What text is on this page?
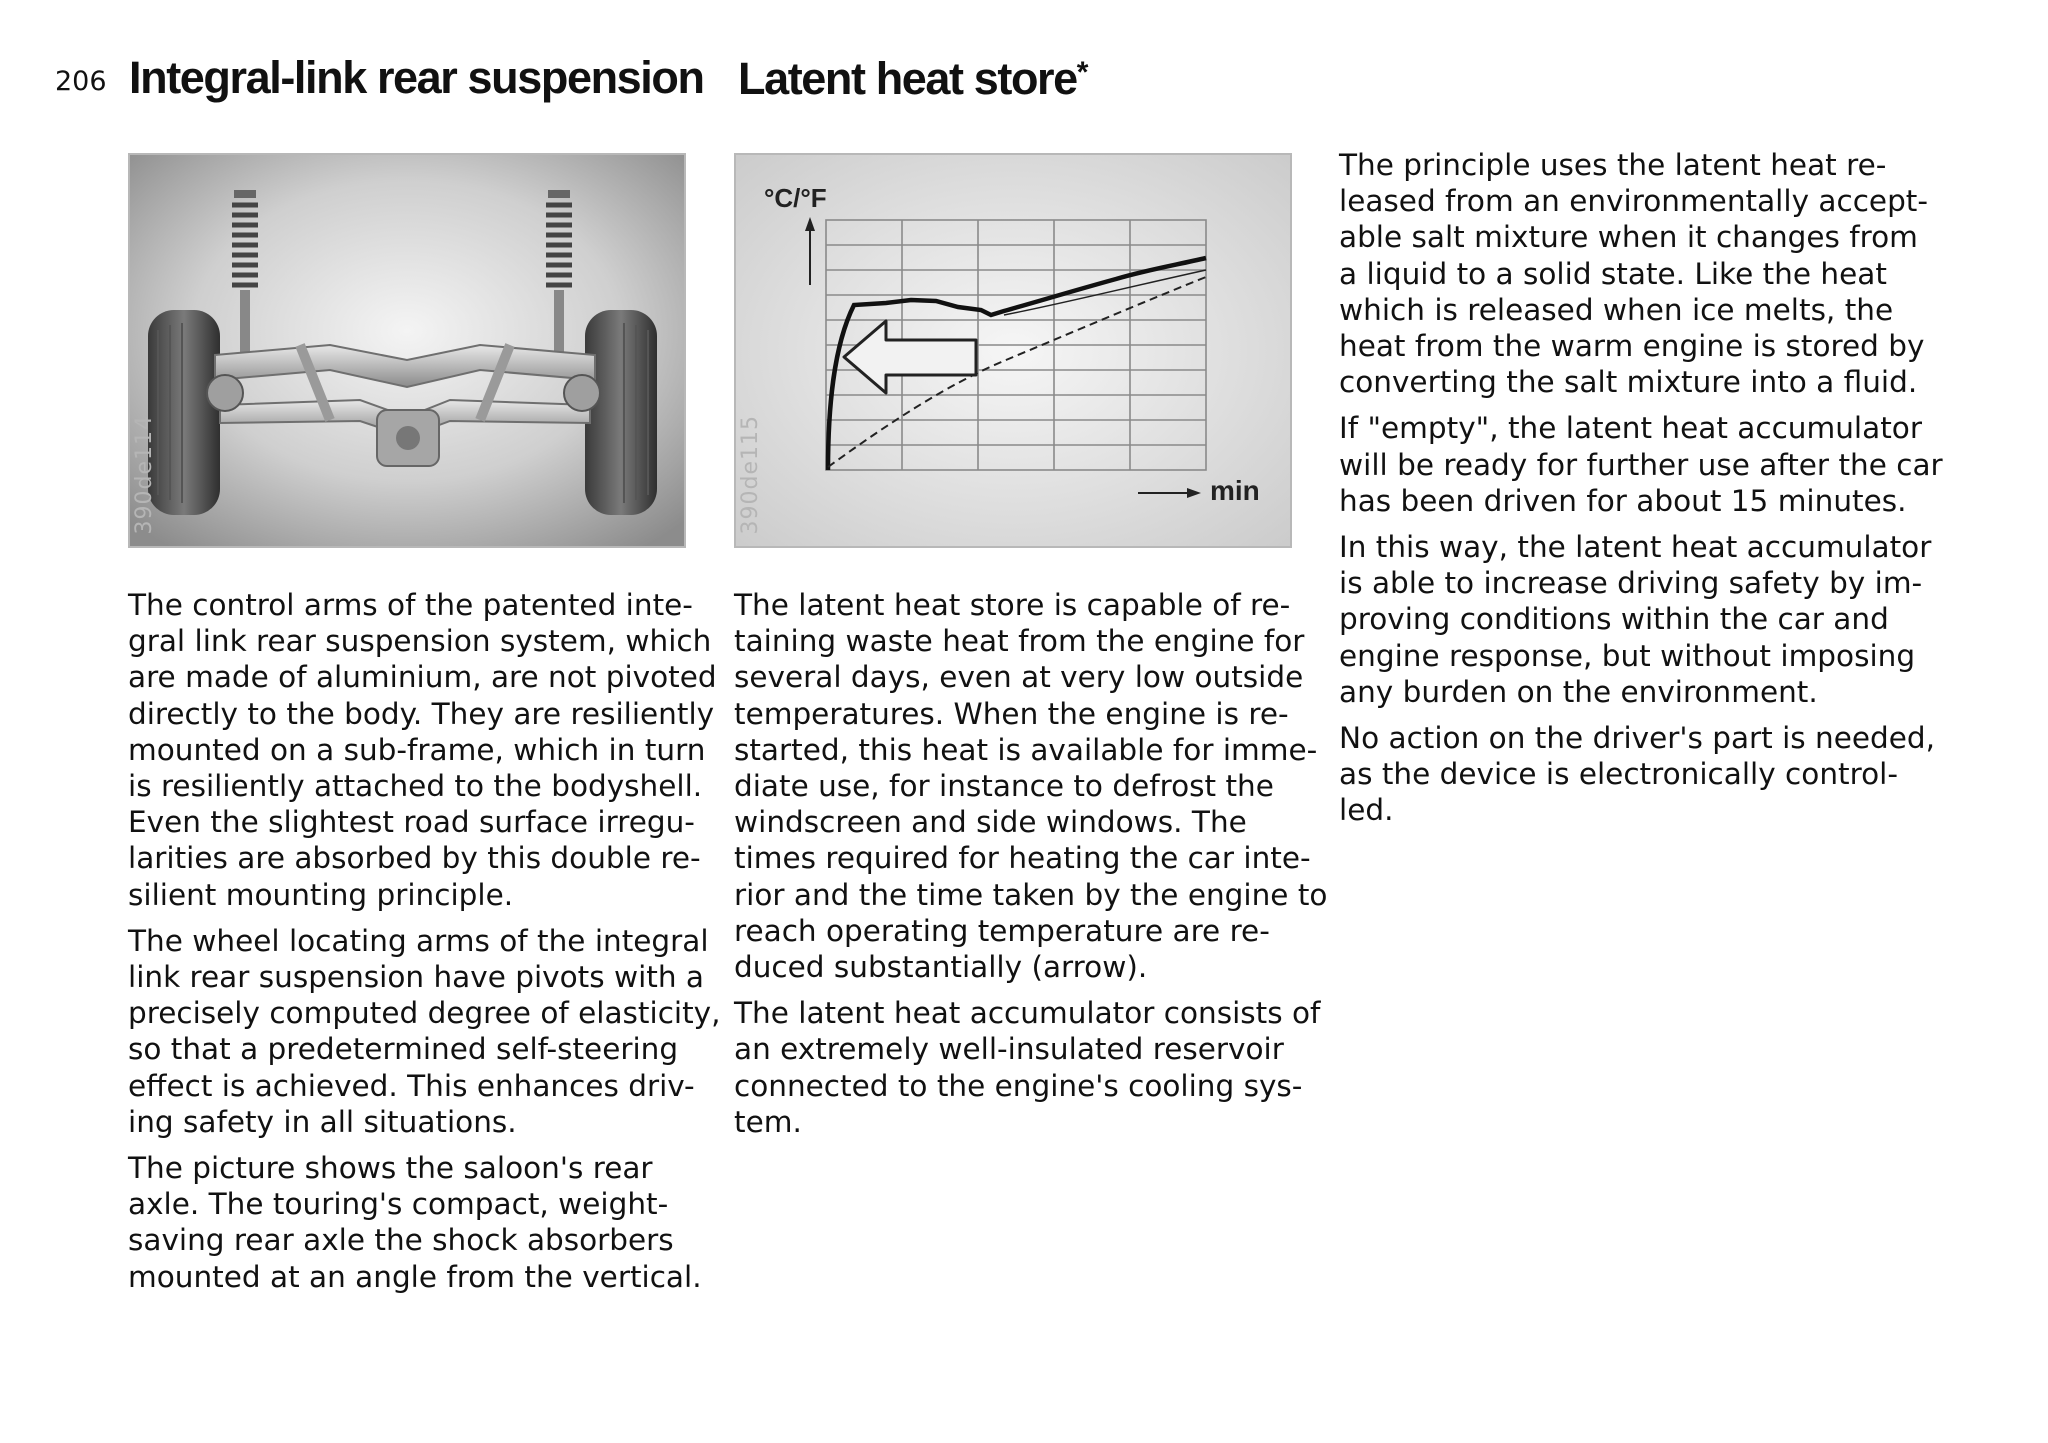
206 Integral-link rear suspension Latent heat store*
390de114
°C/°F
min
390de115

The control arms of the patented inte-
gral link rear suspension system, which
are made of aluminium, are not pivoted
directly to the body. They are resiliently
mounted on a sub-frame, which in turn
is resiliently attached to the bodyshell.
Even the slightest road surface irregu-
larities are absorbed by this double re-
silient mounting principle.

The wheel locating arms of the integral
link rear suspension have pivots with a
precisely computed degree of elasticity,
so that a predetermined self-steering
effect is achieved. This enhances driv-
ing safety in all situations.

The picture shows the saloon's rear
axle. The touring's compact, weight-
saving rear axle the shock absorbers
mounted at an angle from the vertical.

The latent heat store is capable of re-
taining waste heat from the engine for
several days, even at very low outside
temperatures. When the engine is re-
started, this heat is available for imme-
diate use, for instance to defrost the
windscreen and side windows. The
times required for heating the car inte-
rior and the time taken by the engine to
reach operating temperature are re-
duced substantially (arrow).

The latent heat accumulator consists of
an extremely well-insulated reservoir
connected to the engine's cooling sys-
tem.

The principle uses the latent heat re-
leased from an environmentally accept-
able salt mixture when it changes from
a liquid to a solid state. Like the heat
which is released when ice melts, the
heat from the warm engine is stored by
converting the salt mixture into a fluid.

If "empty", the latent heat accumulator
will be ready for further use after the car
has been driven for about 15 minutes.

In this way, the latent heat accumulator
is able to increase driving safety by im-
proving conditions within the car and
engine response, but without imposing
any burden on the environment.

No action on the driver's part is needed,
as the device is electronically control-
led.
